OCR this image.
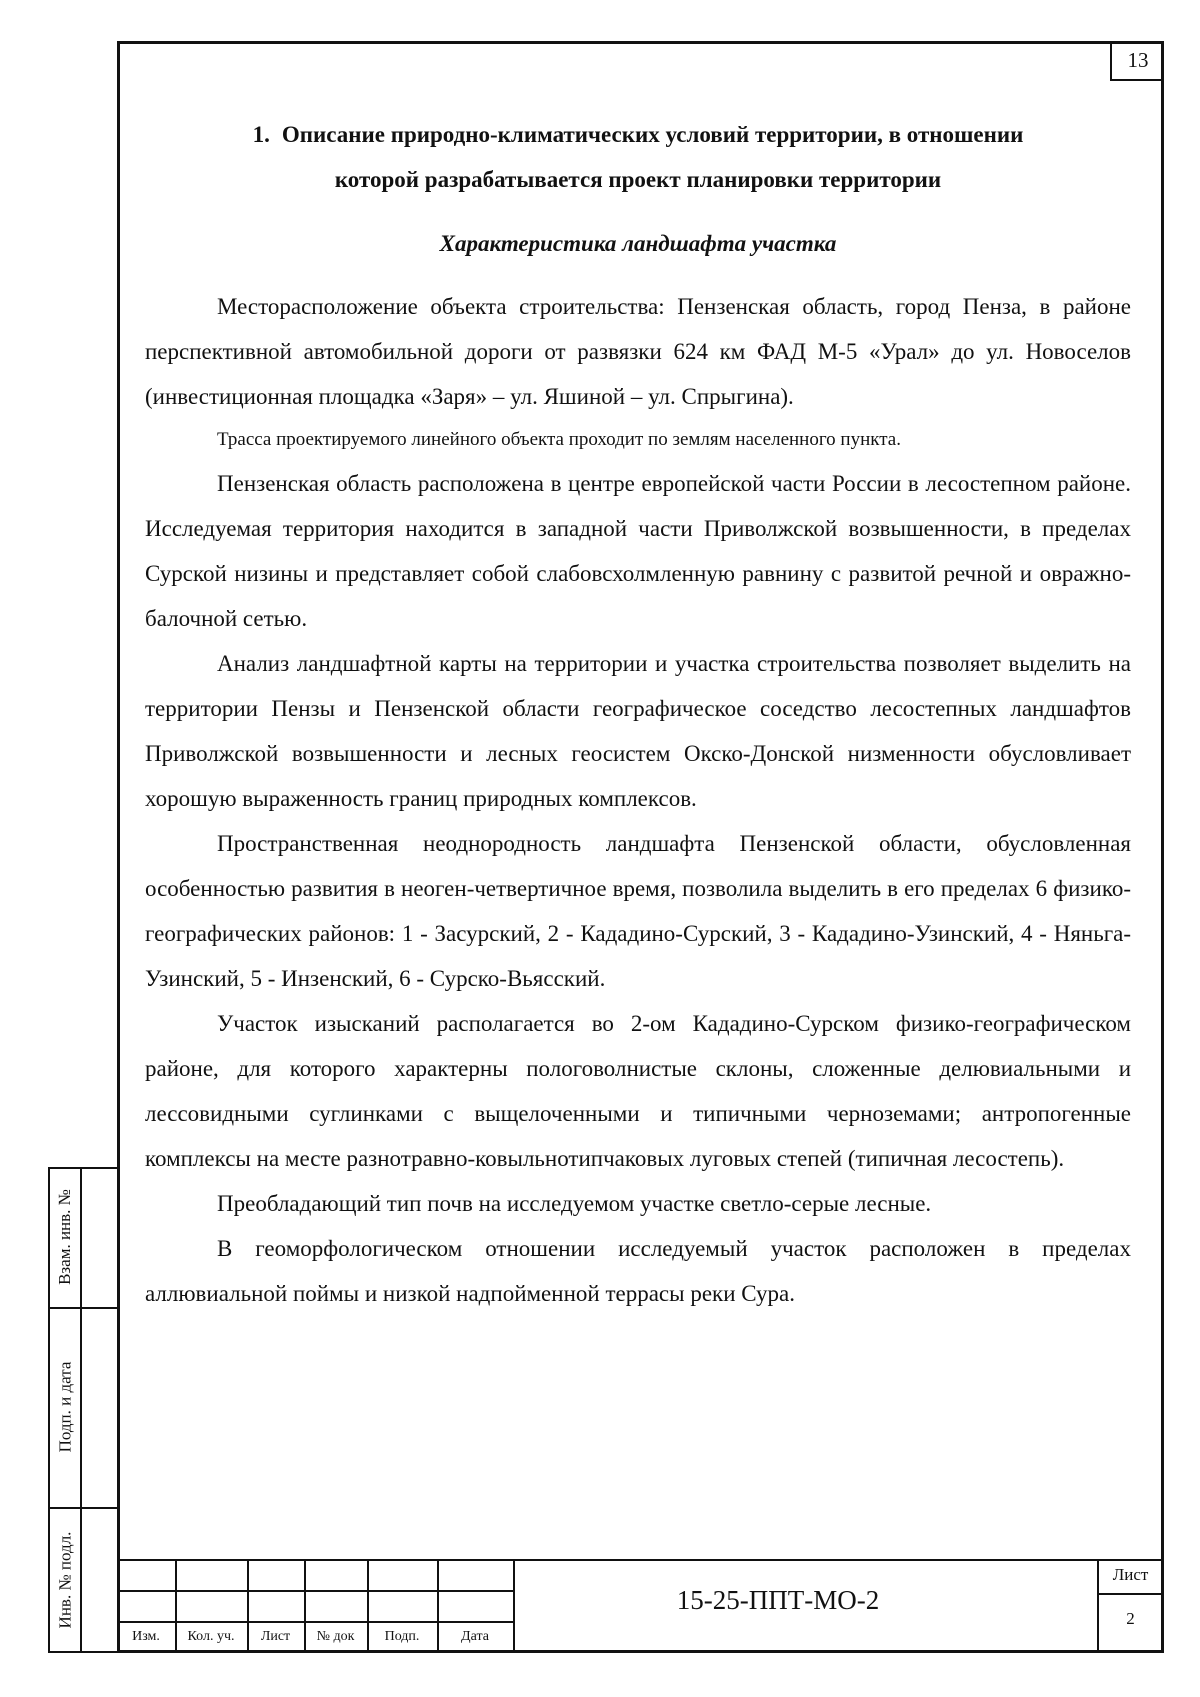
13

1. Описание природно-климатических условий территории, в отношении

которой разрабатывается проект планировки территории

Характеристика ландшафта участка

Месторасположение объекта строительства: Пензенская область, город Пенза, в районе перспективной автомобильной дороги от развязки 624 км ФАД М-5 «Урал» до ул. Новоселов (инвестиционная площадка «Заря» – ул. Яшиной – ул. Спрыгина).

Трасса проектируемого линейного объекта проходит по землям населенного пункта.

Пензенская область расположена в центре европейской части России в лесостепном районе. Исследуемая территория находится в западной части Приволжской возвышенности, в пределах Сурской низины и представляет собой слабовсхолмленную равнину с развитой речной и овражно-балочной сетью.

Анализ ландшафтной карты на территории и участка строительства позволяет выделить на территории Пензы и Пензенской области географическое соседство лесостепных ландшафтов Приволжской возвышенности и лесных геосистем Окско-Донской низменности обусловливает хорошую выраженность границ природных комплексов.

Пространственная неоднородность ландшафта Пензенской области, обусловленная особенностью развития в неоген-четвертичное время, позволила выделить в его пределах 6 физико-географических районов: 1 - Засурский, 2 - Кададино-Сурский, 3 - Кададино-Узинский, 4 - Няньга-Узинский, 5 - Инзенский, 6 - Сурско-Вьясский.

Участок изысканий располагается во 2-ом Кададино-Сурском физико-географическом районе, для которого характерны пологоволнистые склоны, сложенные делювиальными и лессовидными суглинками с выщелоченными и типичными черноземами; антропогенные комплексы на месте разнотравно-ковыльнотипчаковых луговых степей (типичная лесостепь).

Преобладающий тип почв на исследуемом участке светло-серые лесные.

В геоморфологическом отношении исследуемый участок расположен в пределах аллювиальной поймы и низкой надпойменной террасы реки Сура.

Взам. инв. №
Подп. и дата
Инв. № подл.
Изм.	Кол. уч.	Лист	№ док	Подп.	Дата
15-25-ППТ-МО-2
Лист
2
